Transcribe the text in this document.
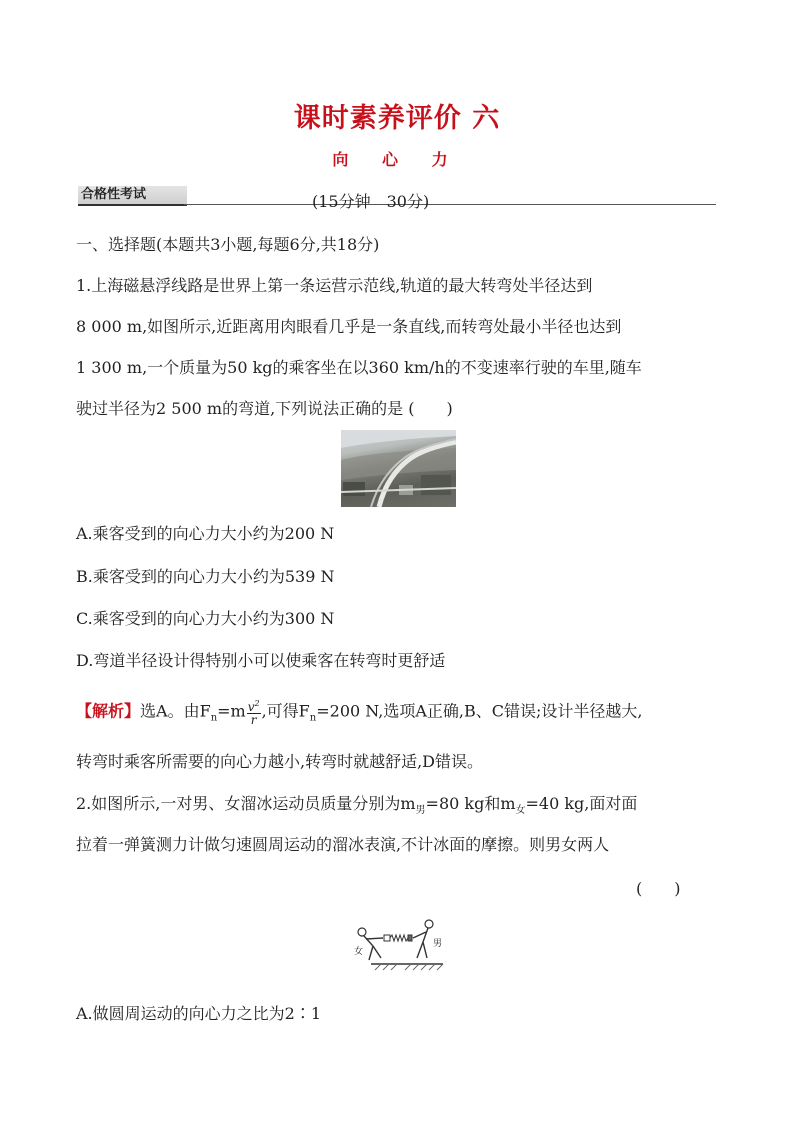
课时素养评价 六
向 心 力
合格性考试	(15分钟　30分)
一、选择题(本题共3小题,每题6分,共18分)
1.上海磁悬浮线路是世界上第一条运营示范线,轨道的最大转弯处半径达到
8 000 m,如图所示,近距离用肉眼看几乎是一条直线,而转弯处最小半径也达到
1 300 m,一个质量为50 kg的乘客坐在以360 km/h的不变速率行驶的车里,随车
驶过半径为2 500 m的弯道,下列说法正确的是 (　　)
A.乘客受到的向心力大小约为200 N
B.乘客受到的向心力大小约为539 N
C.乘客受到的向心力大小约为300 N
D.弯道半径设计得特别小可以使乘客在转弯时更舒适
【解析】选A。由$F_n=m \frac{v^2}{r}$ ,可得$F_n=200$ N,选项A正确,B、C错误;设计半径越大,
转弯时乘客所需要的向心力越小,转弯时就越舒适,D错误。
2.如图所示,一对男、女溜冰运动员质量分别为$m_男=80$ kg和$m_女=40$ kg,面对面
拉着一弹簧测力计做匀速圆周运动的溜冰表演,不计冰面的摩擦。则男女两人
(　　)
女
男
A.做圆周运动的向心力之比为2∶1
